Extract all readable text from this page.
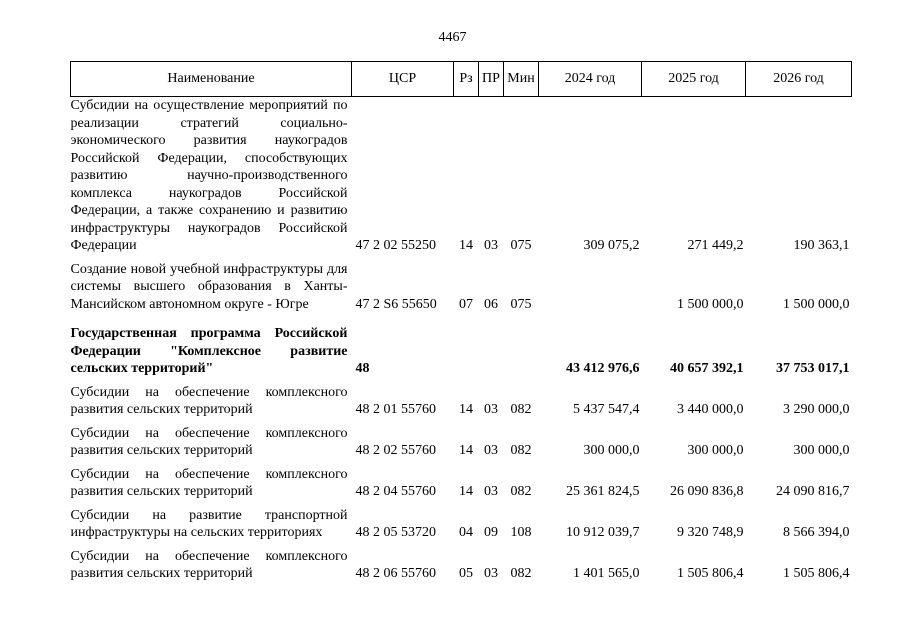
4467
Наименование	ЦСР	Рз	ПР	Мин	2024 год	2025 год	2026 год
Субсидии на осуществление мероприятий по реализации стратегий социально-экономического развития наукоградов Российской Федерации, способствующих развитию научно-производственного комплекса наукоградов Российской Федерации, а также сохранению и развитию инфраструктуры наукоградов Российской Федерации	47 2 02 55250	14	03	075	309 075,2	271 449,2	190 363,1
Создание новой учебной инфраструктуры для системы высшего образования в Ханты-Мансийском автономном округе - Югре	47 2 S6 55650	07	06	075		1 500 000,0	1 500 000,0
Государственная программа Российской Федерации "Комплексное развитие сельских территорий"	48				43 412 976,6	40 657 392,1	37 753 017,1
Субсидии на обеспечение комплексного развития сельских территорий	48 2 01 55760	14	03	082	5 437 547,4	3 440 000,0	3 290 000,0
Субсидии на обеспечение комплексного развития сельских территорий	48 2 02 55760	14	03	082	300 000,0	300 000,0	300 000,0
Субсидии на обеспечение комплексного развития сельских территорий	48 2 04 55760	14	03	082	25 361 824,5	26 090 836,8	24 090 816,7
Субсидии на развитие транспортной инфраструктуры на сельских территориях	48 2 05 53720	04	09	108	10 912 039,7	9 320 748,9	8 566 394,0
Субсидии на обеспечение комплексного развития сельских территорий	48 2 06 55760	05	03	082	1 401 565,0	1 505 806,4	1 505 806,4
